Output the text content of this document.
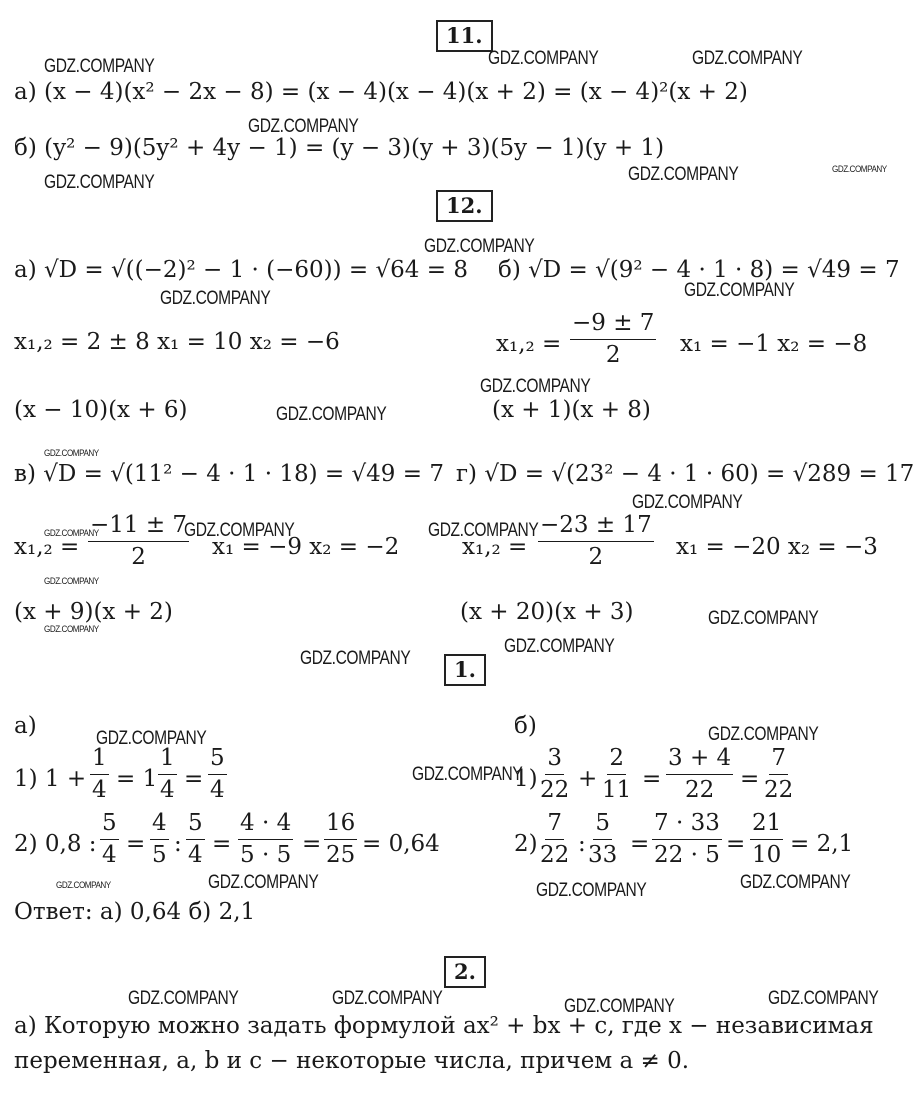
11.
а) (x − 4)(x² − 2x − 8) = (x − 4)(x − 4)(x + 2) = (x − 4)²(x + 2)
б) (y² − 9)(5y² + 4y − 1) = (y − 3)(y + 3)(5y − 1)(y + 1)
12.
а) √D = √((−2)² − 1 · (−60)) = √64 = 8 б) √D = √(9² − 4 · 1 · 8) = √49 = 7
x₁,₂ = 2 ± 8 x₁ = 10 x₂ = −6	$x_1,_2 = \frac{-9 \pm 7}{2} x_1 = -1$ x₂ = −8
(x − 10)(x + 6)	(x + 1)(x + 8)
в) √D = √(11² − 4 · 1 · 18) = √49 = 7 г) √D = √(23² − 4 · 1 · 60) = √289 = 17
$x_1,_2 = \frac{-11 \pm 7}{2} x_1 = -9$ x₂ = −2	$x_1,_2 = \frac{-23 \pm 17}{2} x_1 = -20$ x₂ = −3
(x + 9)(x + 2)	(x + 20)(x + 3)
1.
а)	б)
1) $1 + \frac{1}{4} = 1 \frac{1}{4} = \frac{5}{4}$
2) 0,8 : $\frac{5}{4} = \frac{4}{5}$ : $\frac{5}{4} = \frac{4 \cdot 4}{5 \cdot 5} = \frac{16}{25} = 0,64$
$1) \frac{3}{22} + \frac{2}{11} = \frac{3 + 4}{22} = \frac{7}{22}$
$2) \frac{7}{22}$ : $\frac{5}{33} = \frac{7 \cdot 33}{22 \cdot 5} = \frac{21}{10} = 2,1$
Ответ: а) 0,64 б) 2,1
2.
а) Которую можно задать формулой ax² + bx + c, где x − независимая
переменная, a, b и c − некоторые числа, причем a ≠ 0.
GDZ.COMPANY	GDZ.COMPANY	GDZ.COMPANY
GDZ.COMPANY
GDZ.COMPANY	GDZ.COMPANY	GDZ.COMPANY
GDZ.COMPANY
GDZ.COMPANY	GDZ.COMPANY
GDZ.COMPANY
GDZ.COMPANY
GDZ.COMPANY
GDZ.COMPANY
GDZ.COMPANY	GDZ.COMPANY
GDZ.COMPANY
GDZ.COMPANY
GDZ.COMPANY	GDZ.COMPANY
GDZ.COMPANY
GDZ.COMPANY
GDZ.COMPANY	GDZ.COMPANY
GDZ.COMPANY
GDZ.COMPANY	GDZ.COMPANY	GDZ.COMPANY	GDZ.COMPANY
GDZ.COMPANY	GDZ.COMPANY	GDZ.COMPANY	GDZ.COMPANY
